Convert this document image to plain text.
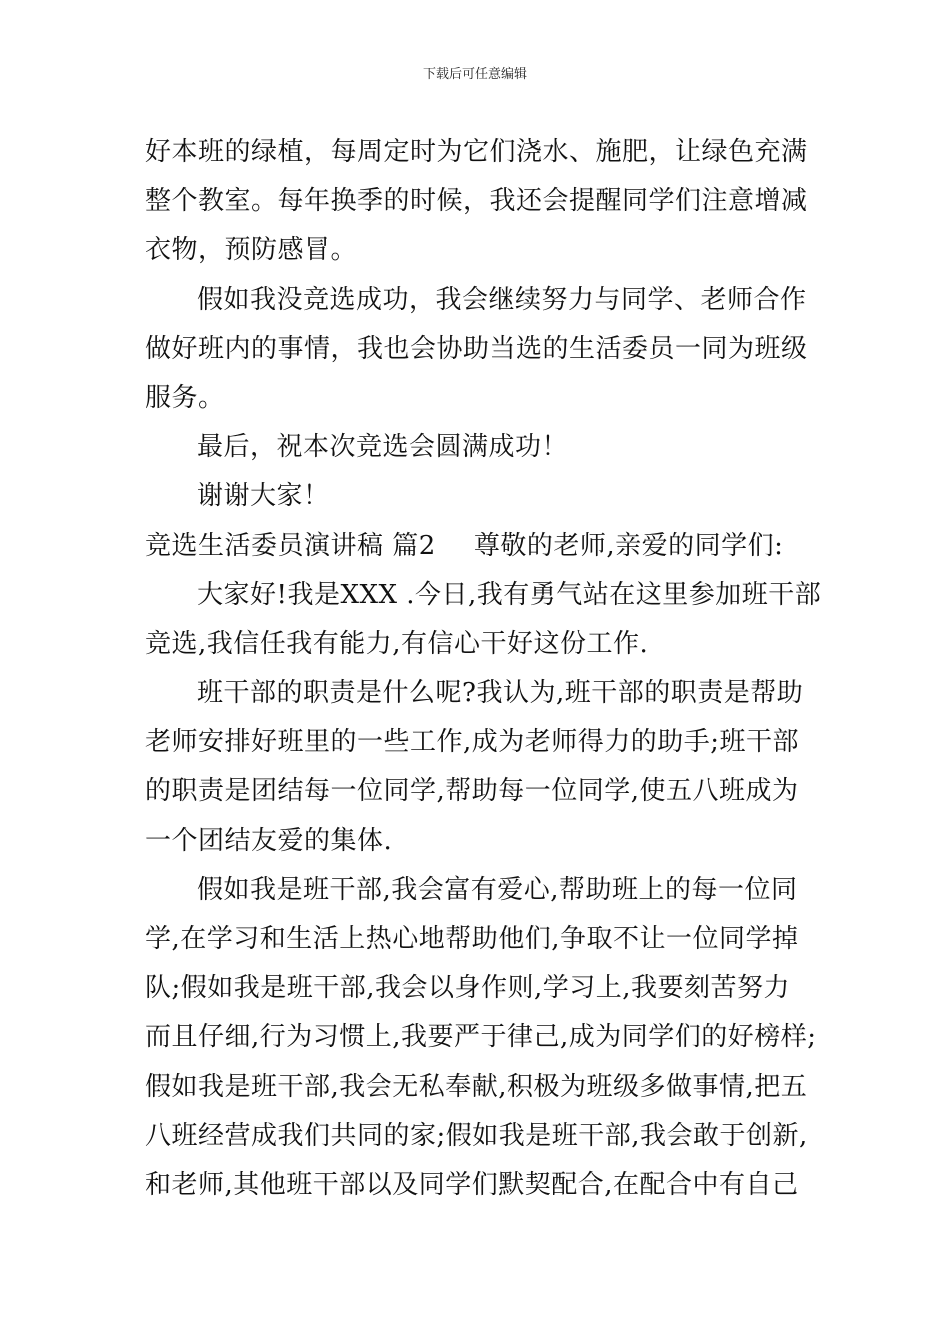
下载后可任意编辑
好本班的绿植，每周定时为它们浇水、施肥，让绿色充满
整个教室。每年换季的时候，我还会提醒同学们注意增减
衣物，预防感冒。
假如我没竞选成功，我会继续努力与同学、老师合作
做好班内的事情，我也会协助当选的生活委员一同为班级
服务。
最后，祝本次竞选会圆满成功！
谢谢大家！
竞选生活委员演讲稿 篇2 尊敬的老师,亲爱的同学们:
大家好!我是XXX .今日,我有勇气站在这里参加班干部
竞选,我信任我有能力,有信心干好这份工作.
班干部的职责是什么呢?我认为,班干部的职责是帮助
老师安排好班里的一些工作,成为老师得力的助手;班干部
的职责是团结每一位同学,帮助每一位同学,使五八班成为
一个团结友爱的集体.
假如我是班干部,我会富有爱心,帮助班上的每一位同
学,在学习和生活上热心地帮助他们,争取不让一位同学掉
队;假如我是班干部,我会以身作则,学习上,我要刻苦努力
而且仔细,行为习惯上,我要严于律己,成为同学们的好榜样;
假如我是班干部,我会无私奉献,积极为班级多做事情,把五
八班经营成我们共同的家;假如我是班干部,我会敢于创新,
和老师,其他班干部以及同学们默契配合,在配合中有自己
